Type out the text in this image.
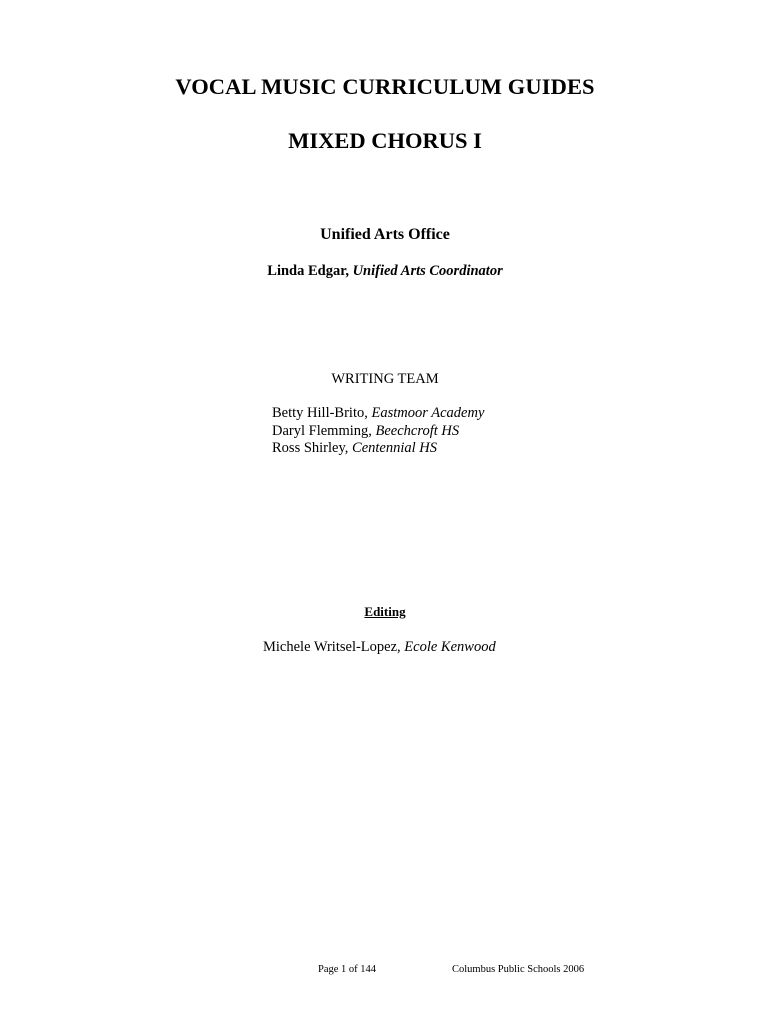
VOCAL MUSIC CURRICULUM GUIDES
MIXED CHORUS I
Unified Arts Office
Linda Edgar, Unified Arts Coordinator
WRITING TEAM
Betty Hill-Brito, Eastmoor Academy
Daryl Flemming, Beechcroft HS
Ross Shirley, Centennial HS
Editing
Michele Writsel-Lopez, Ecole Kenwood
Page 1 of 144	Columbus Public Schools 2006
